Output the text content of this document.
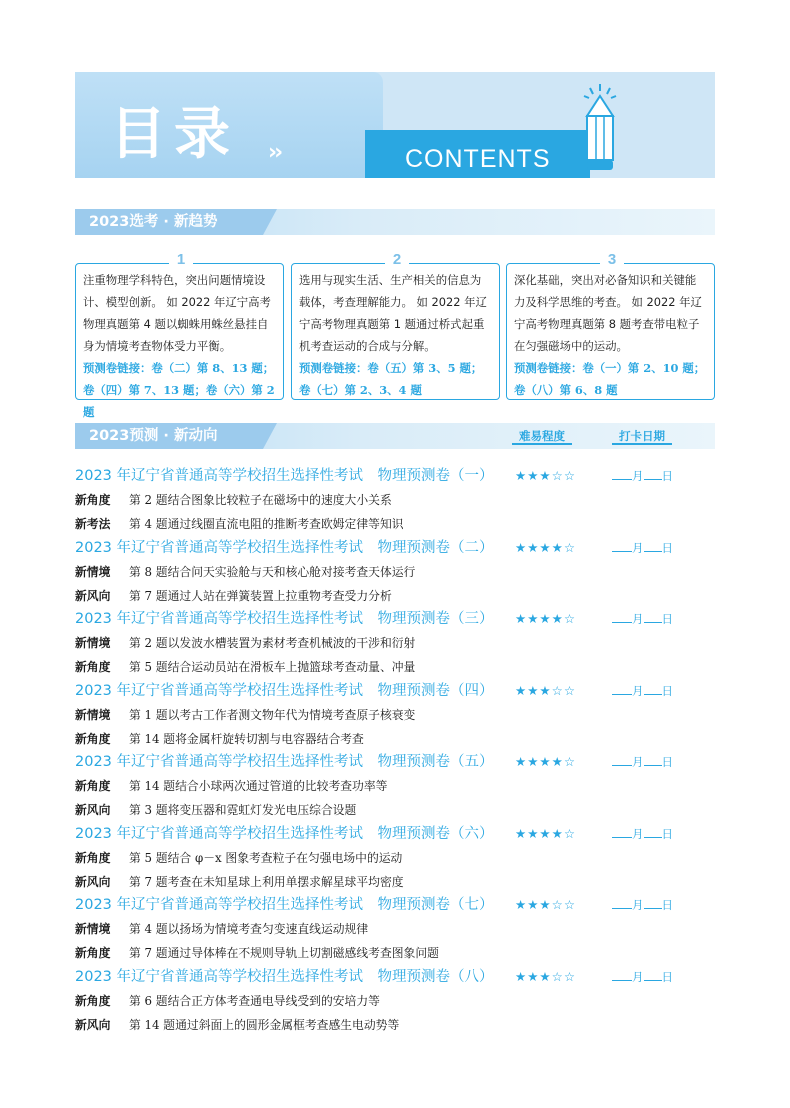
目录 ››	CONTENTS
2023选考 · 新趋势
1
注重物理学科特色，突出问题情境设计、模型创新。 如 2022 年辽宁高考物理真题第 4 题以蜘蛛用蛛丝悬挂自身为情境考查物体受力平衡。
预测卷链接：卷（二）第 8、13 题；卷（四）第 7、13 题；卷（六）第 2 题
2
选用与现实生活、生产相关的信息为载体，考查理解能力。 如 2022 年辽宁高考物理真题第 1 题通过桥式起重机考查运动的合成与分解。
预测卷链接：卷（五）第 3、5 题；卷（七）第 2、3、4 题
3
深化基础，突出对必备知识和关键能力及科学思维的考查。 如 2022 年辽宁高考物理真题第 8 题考查带电粒子在匀强磁场中的运动。
预测卷链接：卷（一）第 2、10 题；卷（八）第 6、8 题
2023预测 · 新动向	难易程度	打卡日期
2023 年辽宁省普通高等学校招生选择性考试　物理预测卷（一） ★★★☆☆	月 日
新角度 第 2 题结合图象比较粒子在磁场中的速度大小关系
新考法 第 4 题通过线圈直流电阻的推断考查欧姆定律等知识
2023 年辽宁省普通高等学校招生选择性考试　物理预测卷（二） ★★★★☆	月 日
新情境 第 8 题结合问天实验舱与天和核心舱对接考查天体运行
新风向 第 7 题通过人站在弹簧装置上拉重物考查受力分析
2023 年辽宁省普通高等学校招生选择性考试　物理预测卷（三） ★★★★☆	月 日
新情境 第 2 题以发波水槽装置为素材考查机械波的干涉和衍射
新角度 第 5 题结合运动员站在滑板车上抛篮球考查动量、冲量
2023 年辽宁省普通高等学校招生选择性考试　物理预测卷（四） ★★★☆☆	月 日
新情境 第 1 题以考古工作者测文物年代为情境考查原子核衰变
新角度 第 14 题将金属杆旋转切割与电容器结合考查
2023 年辽宁省普通高等学校招生选择性考试　物理预测卷（五） ★★★★☆	月 日
新角度 第 14 题结合小球两次通过管道的比较考查功率等
新风向 第 3 题将变压器和霓虹灯发光电压综合设题
2023 年辽宁省普通高等学校招生选择性考试　物理预测卷（六） ★★★★☆	月 日
新角度 第 5 题结合 φ－x 图象考查粒子在匀强电场中的运动
新风向 第 7 题考查在未知星球上利用单摆求解星球平均密度
2023 年辽宁省普通高等学校招生选择性考试　物理预测卷（七） ★★★☆☆	月 日
新情境 第 4 题以扬场为情境考查匀变速直线运动规律
新角度 第 7 题通过导体棒在不规则导轨上切割磁感线考查图象问题
2023 年辽宁省普通高等学校招生选择性考试　物理预测卷（八） ★★★☆☆	月 日
新角度 第 6 题结合正方体考查通电导线受到的安培力等
新风向 第 14 题通过斜面上的圆形金属框考查感生电动势等
